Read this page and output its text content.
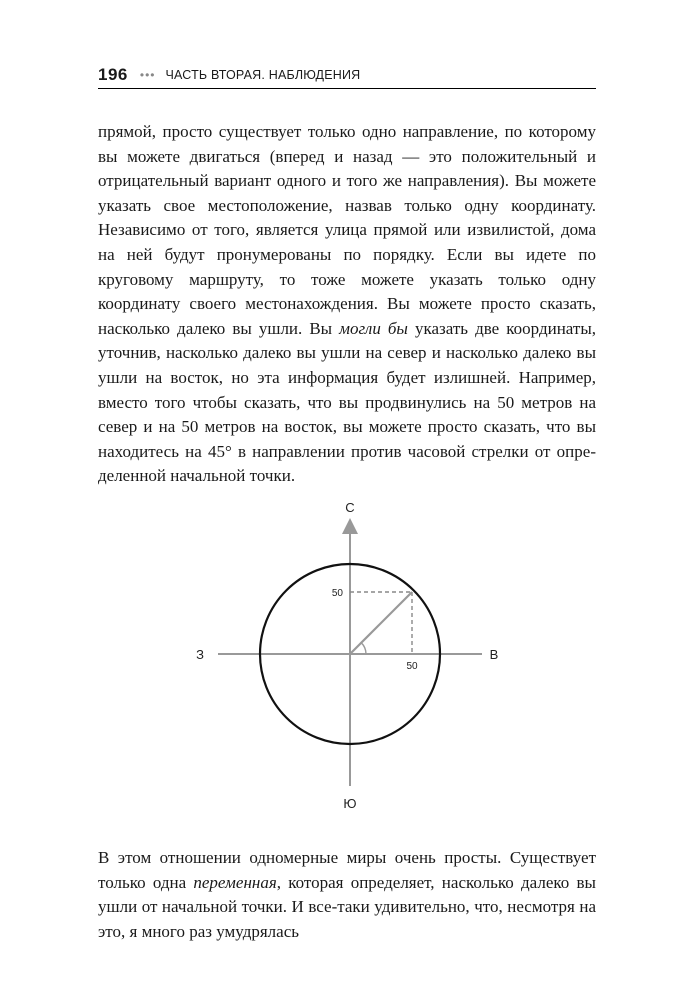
196 ••• ЧАСТЬ ВТОРАЯ. НАБЛЮДЕНИЯ

прямой, просто существует только одно направление, по которому вы можете двигаться (вперед и назад — это положительный и отрицательный вариант одного и того же направления). Вы можете указать свое местоположение, назвав только одну координату. Независимо от того, является улица прямой или извилистой, дома на ней будут пронумерованы по порядку. Если вы идете по круговому маршруту, то тоже можете указать только одну координату своего местонахождения. Вы можете просто сказать, насколько далеко вы ушли. Вы могли бы указать две координаты, уточнив, насколько далеко вы ушли на север и насколько далеко вы ушли на восток, но эта информация будет излишней. Например, вместо того чтобы сказать, что вы продвинулись на 50 метров на север и на 50 метров на восток, вы можете просто сказать, что вы находитесь на 45° в направлении против часовой стрелки от определенной начальной точки.

С
Ю
З	В
50
50

В этом отношении одномерные миры очень просты. Существует только одна переменная, которая определяет, насколько далеко вы ушли от начальной точки. И все-таки удивительно, что, несмотря на это, я много раз умудрялась
